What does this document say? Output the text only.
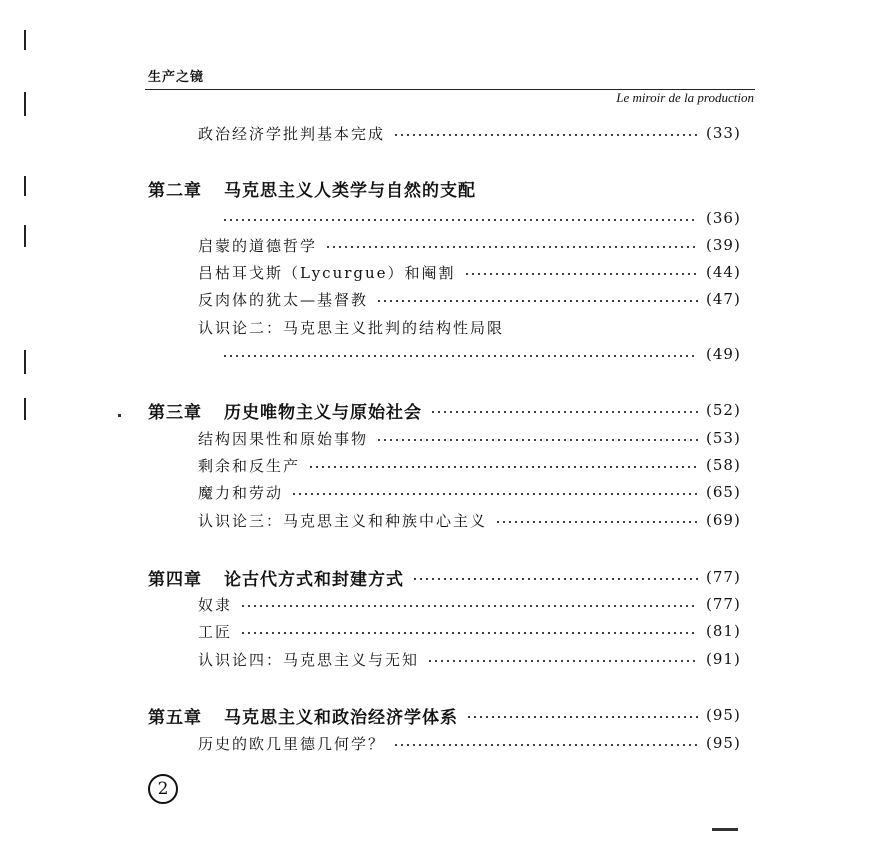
生产之镜
Le miroir de la production
政治经济学批判基本完成	(33)
第二章 马克思主义人类学与自然的支配
(36)
启蒙的道德哲学	(39)
吕枯耳戈斯（Lycurgue）和阉割	(44)
反肉体的犹太—基督教	(47)
认识论二：马克思主义批判的结构性局限
(49)
第三章 历史唯物主义与原始社会	(52)
结构因果性和原始事物	(53)
剩余和反生产	(58)
魔力和劳动	(65)
认识论三：马克思主义和种族中心主义	(69)
第四章 论古代方式和封建方式	(77)
奴隶	(77)
工匠	(81)
认识论四：马克思主义与无知	(91)
第五章 马克思主义和政治经济学体系	(95)
历史的欧几里德几何学？	(95)
2
